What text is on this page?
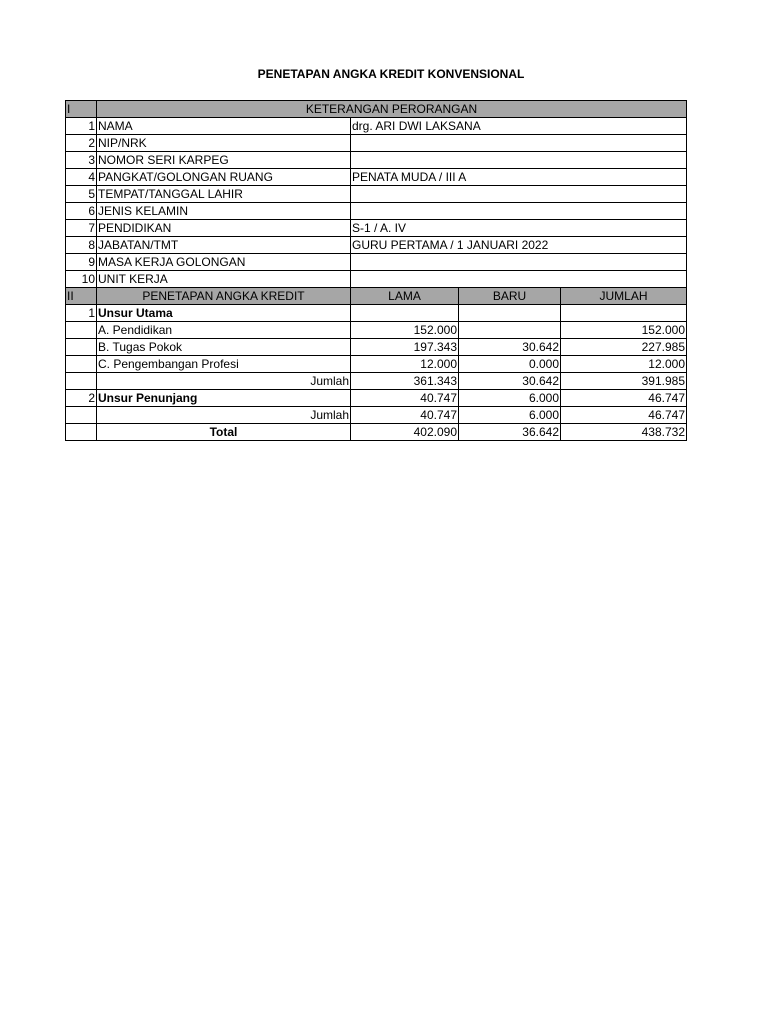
PENETAPAN ANGKA KREDIT KONVENSIONAL
I	KETERANGAN PERORANGAN			
1	NAMA	drg. ARI DWI LAKSANA		
2	NIP/NRK			
3	NOMOR SERI KARPEG			
4	PANGKAT/GOLONGAN RUANG	PENATA MUDA / III A		
5	TEMPAT/TANGGAL LAHIR			
6	JENIS KELAMIN			
7	PENDIDIKAN	S-1 / A. IV		
8	JABATAN/TMT	GURU PERTAMA / 1 JANUARI 2022		
9	MASA KERJA GOLONGAN			
10	UNIT KERJA			
II	PENETAPAN ANGKA KREDIT	LAMA	BARU	JUMLAH
1	Unsur Utama			
	A. Pendidikan	152.000		152.000
	B. Tugas Pokok	197.343	30.642	227.985
	C. Pengembangan Profesi	12.000	0.000	12.000
	Jumlah	361.343	30.642	391.985
2	Unsur Penunjang	40.747	6.000	46.747
	Jumlah	40.747	6.000	46.747
	Total	402.090	36.642	438.732
